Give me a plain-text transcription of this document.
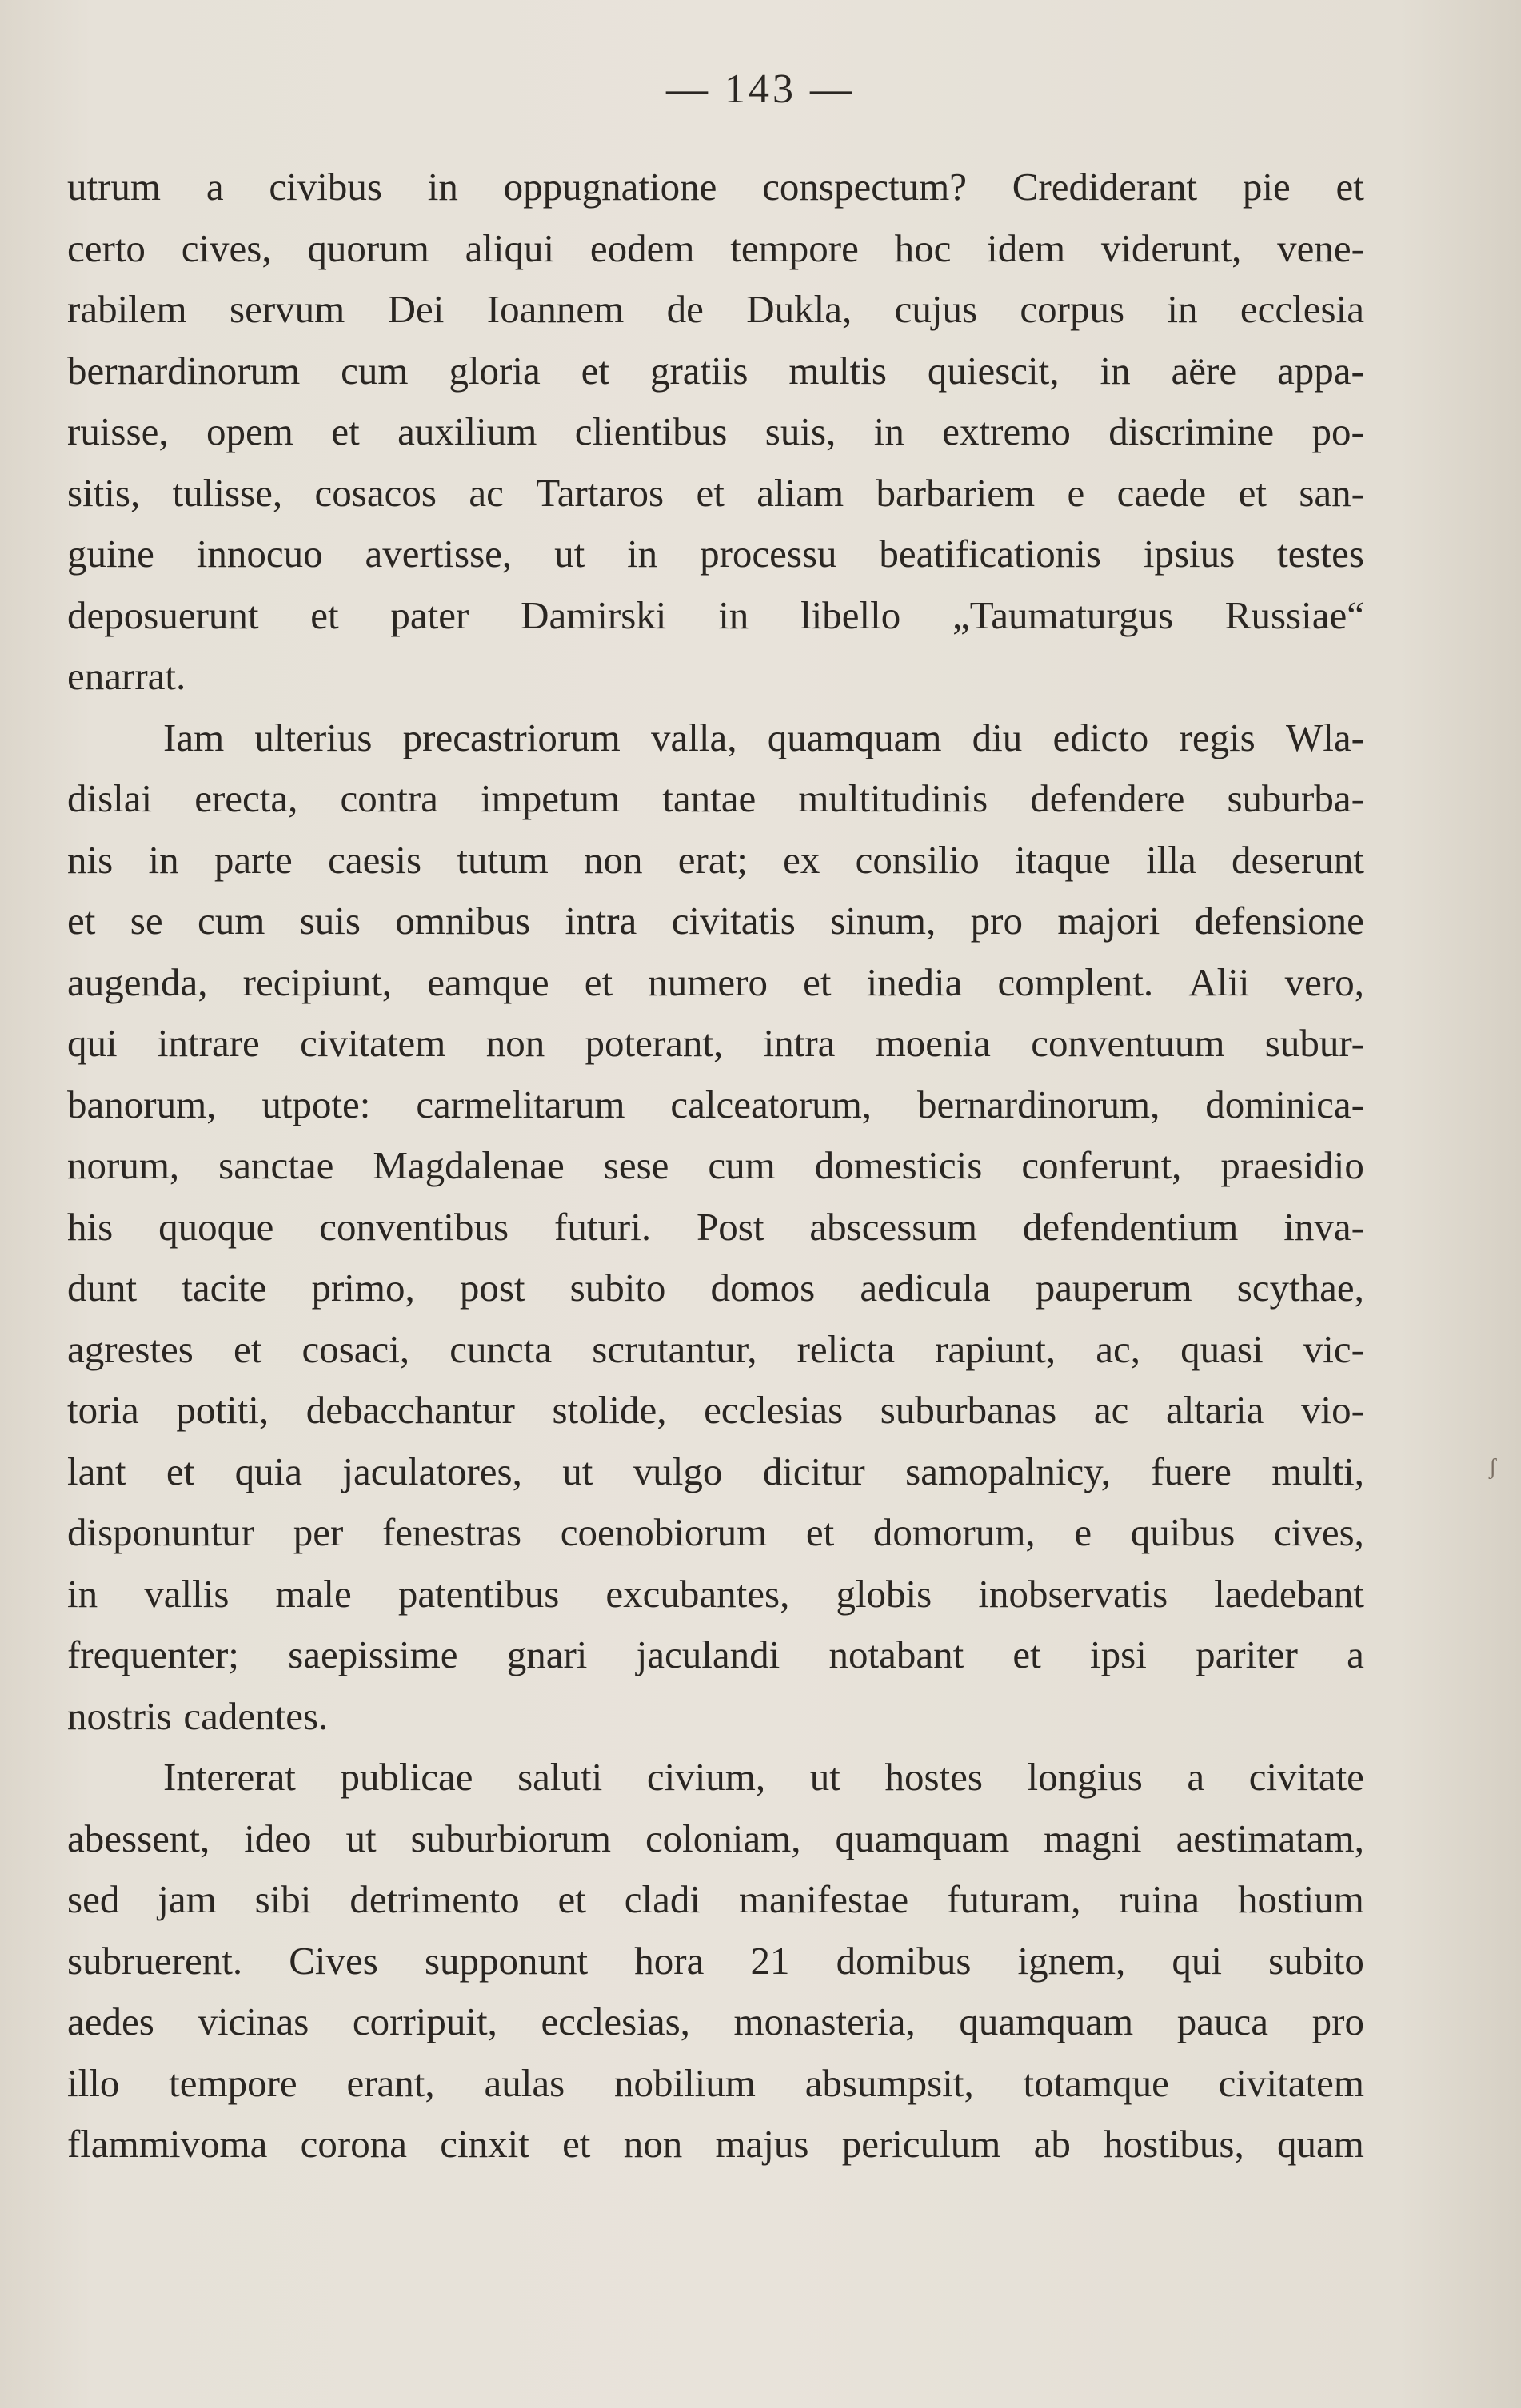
— 143 —
utrum a civibus in oppugnatione conspectum? Crediderant pie et
certo cives, quorum aliqui eodem tempore hoc idem viderunt, vene-
rabilem servum Dei Ioannem de Dukla, cujus corpus in ecclesia
bernardinorum cum gloria et gratiis multis quiescit, in aëre appa-
ruisse, opem et auxilium clientibus suis, in extremo discrimine po-
sitis, tulisse, cosacos ac Tartaros et aliam barbariem e caede et san-
guine innocuo avertisse, ut in processu beatificationis ipsius testes
deposuerunt et pater Damirski in libello „Taumaturgus Russiae“
enarrat.
Iam ulterius precastriorum valla, quamquam diu edicto regis Wla-
dislai erecta, contra impetum tantae multitudinis defendere suburba-
nis in parte caesis tutum non erat; ex consilio itaque illa deserunt
et se cum suis omnibus intra civitatis sinum, pro majori defensione
augenda, recipiunt, eamque et numero et inedia complent. Alii vero,
qui intrare civitatem non poterant, intra moenia conventuum subur-
banorum, utpote: carmelitarum calceatorum, bernardinorum, dominica-
norum, sanctae Magdalenae sese cum domesticis conferunt, praesidio
his quoque conventibus futuri. Post abscessum defendentium inva-
dunt tacite primo, post subito domos aedicula pauperum scythae,
agrestes et cosaci, cuncta scrutantur, relicta rapiunt, ac, quasi vic-
toria potiti, debacchantur stolide, ecclesias suburbanas ac altaria vio-
lant et quia jaculatores, ut vulgo dicitur samopalnicy, fuere multi,
disponuntur per fenestras coenobiorum et domorum, e quibus cives,
in vallis male patentibus excubantes, globis inobservatis laedebant
frequenter; saepissime gnari jaculandi notabant et ipsi pariter a
nostris cadentes.
Intererat publicae saluti civium, ut hostes longius a civitate
abessent, ideo ut suburbiorum coloniam, quamquam magni aestimatam,
sed jam sibi detrimento et cladi manifestae futuram, ruina hostium
subruerent. Cives supponunt hora 21 domibus ignem, qui subito
aedes vicinas corripuit, ecclesias, monasteria, quamquam pauca pro
illo tempore erant, aulas nobilium absumpsit, totamque civitatem
flammivoma corona cinxit et non majus periculum ab hostibus, quam
ʃ
